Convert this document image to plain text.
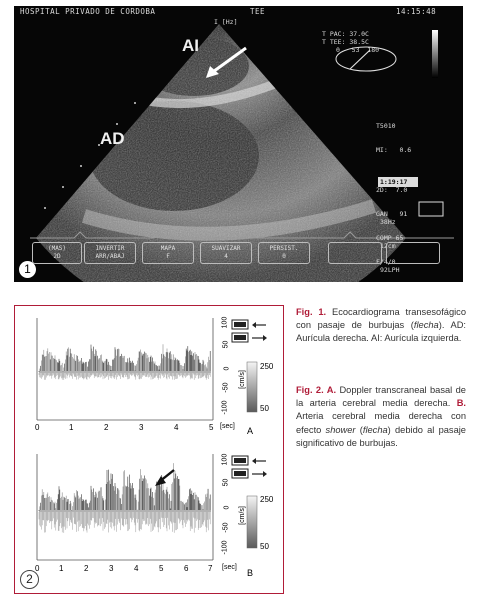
HOSPITAL PRIVADO DE CORDOBA	TEE	14:15:48
I [Hz]
T PAC: 37.0C
T TEE: 38.5C
0   53  180

T5010

MI:   0.6

2D:  7.0

GAN   91

COMP 65

F/4/0

1:19:17

38Hz

12cm

92LPH

AI
AD
(MAS)
2D
INVERTIR
ARR/ABAJ
MAPA
F
SUAVIZAR
4
PERSIST.
0
1
100
50
0
-50
-100
[cm/s]
250
50
0	1	2	3	4	5 [sec] A
100
50
0
-50
-100
[cm/s]
250
50
0 1	2	3	4	5	6 7 [sec]
B
2
Fig. 1. Ecocardiograma transesofágico con pasaje de burbujas (flecha). AD: Aurícula derecha. AI: Aurícula izquierda.
Fig. 2. A. Doppler transcraneal basal de la arteria cerebral media derecha. B. Arteria cerebral media derecha con efecto shower (flecha) debido al pasaje significativo de burbujas.
